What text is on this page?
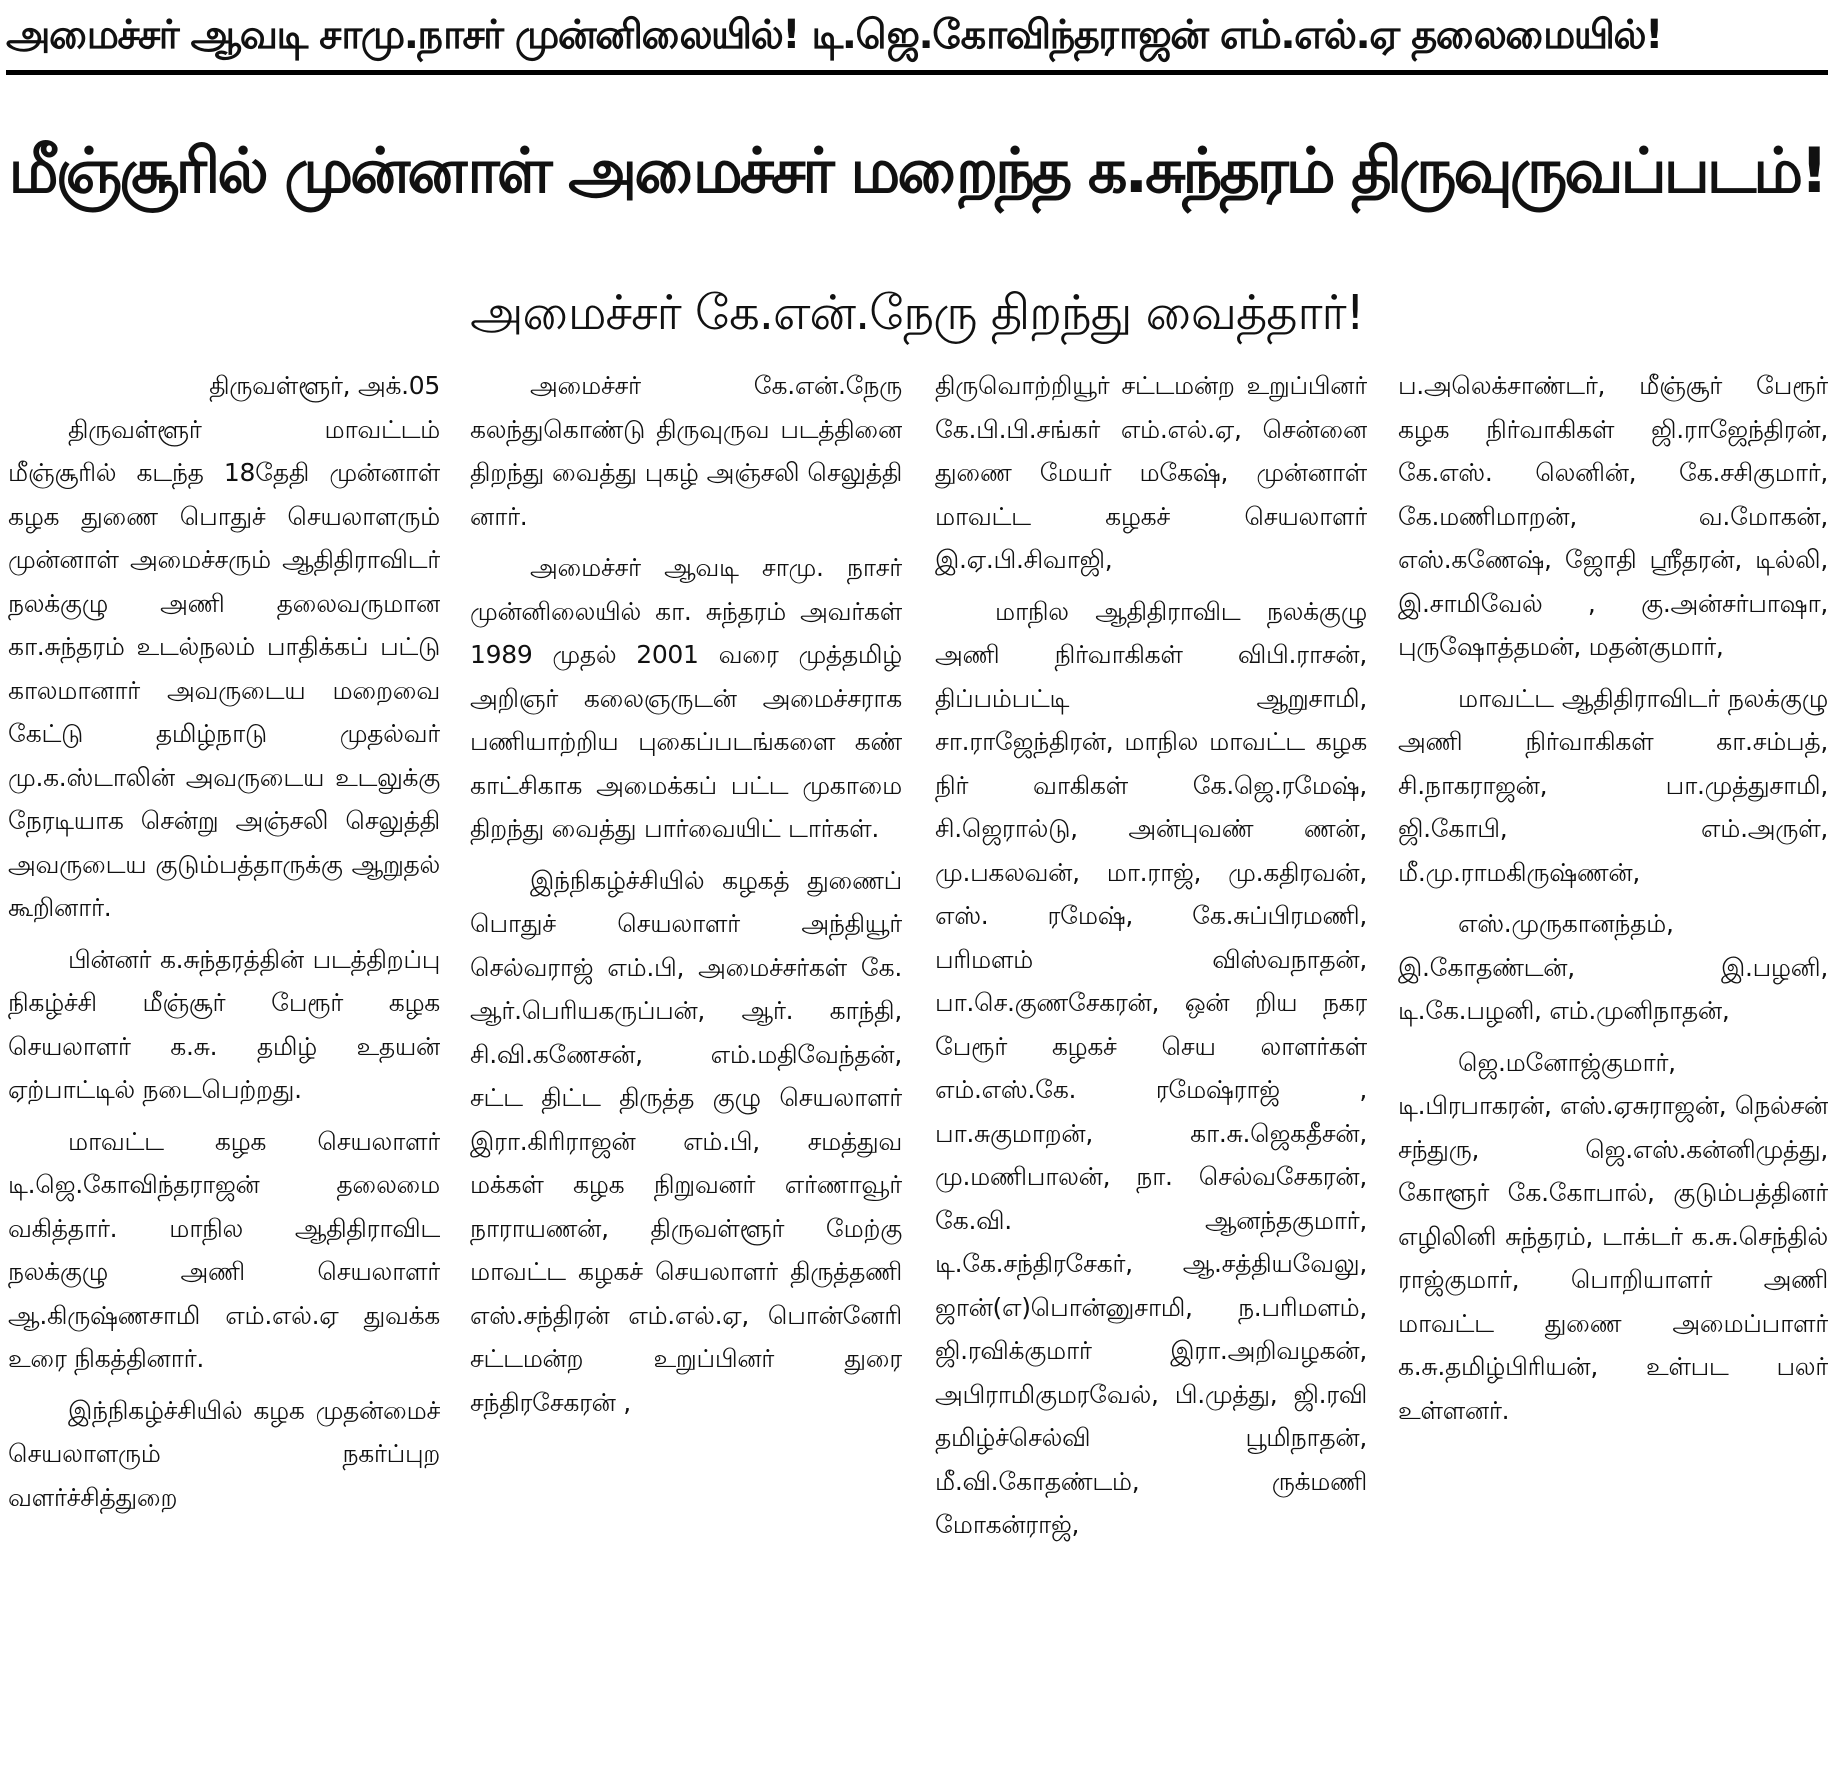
அமைச்சர் ஆவடி சாமு.நாசர் முன்னிலையில்! டி.ஜெ.கோவிந்தராஜன் எம்.எல்.ஏ தலைமையில்!
மீஞ்சூரில் முன்னாள் அமைச்சர் மறைந்த க.சுந்தரம் திருவுருவப்படம்!
அமைச்சர் கே.என்.நேரு திறந்து வைத்தார்!

திருவள்ளூர், அக்.05

திருவள்ளூர் மாவட்டம் மீஞ்சூரில் கடந்த 18தேதி முன்னாள் கழக துணை பொதுச் செயலாளரும் முன்னாள் அமைச்சரும் ஆதிதிராவிடர் நலக்குழு அணி தலைவருமான கா.சுந்தரம் உடல்நலம் பாதிக்கப் பட்டு காலமானார் அவருடைய மறைவை கேட்டு தமிழ்நாடு முதல்வர் மு.க.ஸ்டாலின் அவருடைய உடலுக்கு நேரடியாக சென்று அஞ்சலி செலுத்தி அவருடைய குடும்பத்தாருக்கு ஆறுதல் கூறினார்.

பின்னர் க.சுந்தரத்தின் படத்திறப்பு நிகழ்ச்சி மீஞ்சூர் பேரூர் கழக செயலாளர் க.சு. தமிழ் உதயன் ஏற்பாட்டில் நடைபெற்றது.

மாவட்ட கழக செயலாளர் டி.ஜெ.கோவிந்தராஜன் தலைமை வகித்தார். மாநில ஆதிதிராவிட நலக்குழு அணி செயலாளர் ஆ.கிருஷ்ணசாமி எம்.எல்.ஏ துவக்க உரை நிகத்தினார்.

இந்நிகழ்ச்சியில் கழக முதன்மைச் செயலாளரும் நகர்ப்புற வளர்ச்சித்துறை

அமைச்சர் கே.என்.நேரு கலந்துகொண்டு திருவுருவ படத்தினை திறந்து வைத்து புகழ் அஞ்சலி செலுத்தி னார்.

அமைச்சர் ஆவடி சாமு. நாசர் முன்னிலையில் கா. சுந்தரம் அவர்கள் 1989 முதல் 2001 வரை முத்தமிழ் அறிஞர் கலைஞருடன் அமைச்சராக பணியாற்றிய புகைப்படங்களை கண் காட்சிகாக அமைக்கப் பட்ட முகாமை திறந்து வைத்து பார்வையிட் டார்கள்.

இந்நிகழ்ச்சியில் கழகத் துணைப் பொதுச் செயலாளர் அந்தியூர் செல்வராஜ் எம்.பி, அமைச்சர்கள் கே. ஆர்.பெரியகருப்பன், ஆர். காந்தி, சி.வி.கணேசன், எம்.மதிவேந்தன், சட்ட திட்ட திருத்த குழு செயலாளர் இரா.கிரிராஜன் எம்.பி, சமத்துவ மக்கள் கழக நிறுவனர் எர்ணாவூர் நாராயணன், திருவள்ளூர் மேற்கு மாவட்ட கழகச் செயலாளர் திருத்தணி எஸ்.சந்திரன் எம்.எல்.ஏ, பொன்னேரி சட்டமன்ற உறுப்பினர் துரை சந்திரசேகரன் ,

திருவொற்றியூர் சட்டமன்ற உறுப்பினர் கே.பி.பி.சங்கர் எம்.எல்.ஏ, சென்னை துணை மேயர் மகேஷ், முன்னாள் மாவட்ட கழகச் செயலாளர் இ.ஏ.பி.சிவாஜி,

மாநில ஆதிதிராவிட நலக்குழு அணி நிர்வாகிகள் விபி.ராசன், திப்பம்பட்டி ஆறுசாமி, சா.ராஜேந்திரன், மாநில மாவட்ட கழக நிர் வாகிகள் கே.ஜெ.ரமேஷ், சி.ஜெரால்டு, அன்புவண் ணன், மு.பகலவன், மா.ராஜ், மு.கதிரவன், எஸ். ரமேஷ், கே.சுப்பிரமணி, பரிமளம் விஸ்வநாதன், பா.செ.குணசேகரன், ஒன் றிய நகர பேரூர் கழகச் செய லாளர்கள் எம்.எஸ்.கே. ரமேஷ்ராஜ் , பா.சுகுமாறன், கா.சு.ஜெகதீசன், மு.மணிபாலன், நா. செல்வசேகரன், கே.வி. ஆனந்தகுமார், டி.கே.சந்திரசேகர், ஆ.சத்தியவேலு, ஜான்(எ)பொன்னுசாமி, ந.பரிமளம், ஜி.ரவிக்குமார் இரா.அறிவழகன், அபிராமிகுமரவேல், பி.முத்து, ஜி.ரவி தமிழ்ச்செல்வி பூமிநாதன், மீ.வி.கோதண்டம், ருக்மணி மோகன்ராஜ்,

ப.அலெக்சாண்டர், மீஞ்சூர் பேரூர் கழக நிர்வாகிகள் ஜி.ராஜேந்திரன், கே.எஸ். லெனின், கே.சசிகுமார், கே.மணிமாறன், வ.மோகன், எஸ்.கணேஷ், ஜோதி ஸ்ரீதரன், டில்லி, இ.சாமிவேல் , கு.அன்சர்பாஷா, புருஷோத்தமன், மதன்குமார்,

மாவட்ட ஆதிதிராவிடர் நலக்குழு அணி நிர்வாகிகள் கா.சம்பத், சி.நாகராஜன், பா.முத்துசாமி, ஜி.கோபி, எம்.அருள், மீ.மு.ராமகிருஷ்ணன்,

எஸ்.முருகானந்தம், இ.கோதண்டன், இ.பழனி, டி.கே.பழனி, எம்.முனிநாதன்,

ஜெ.மனோஜ்குமார், டி.பிரபாகரன், எஸ்.ஏசுராஜன், நெல்சன் சந்துரு, ஜெ.எஸ்.கன்னிமுத்து, கோளூர் கே.கோபால், குடும்பத்தினர் எழிலினி சுந்தரம், டாக்டர் க.சு.செந்தில் ராஜ்குமார், பொறியாளர் அணி மாவட்ட துணை அமைப்பாளர் க.சு.தமிழ்பிரியன், உள்பட பலர் உள்ளனர்.
